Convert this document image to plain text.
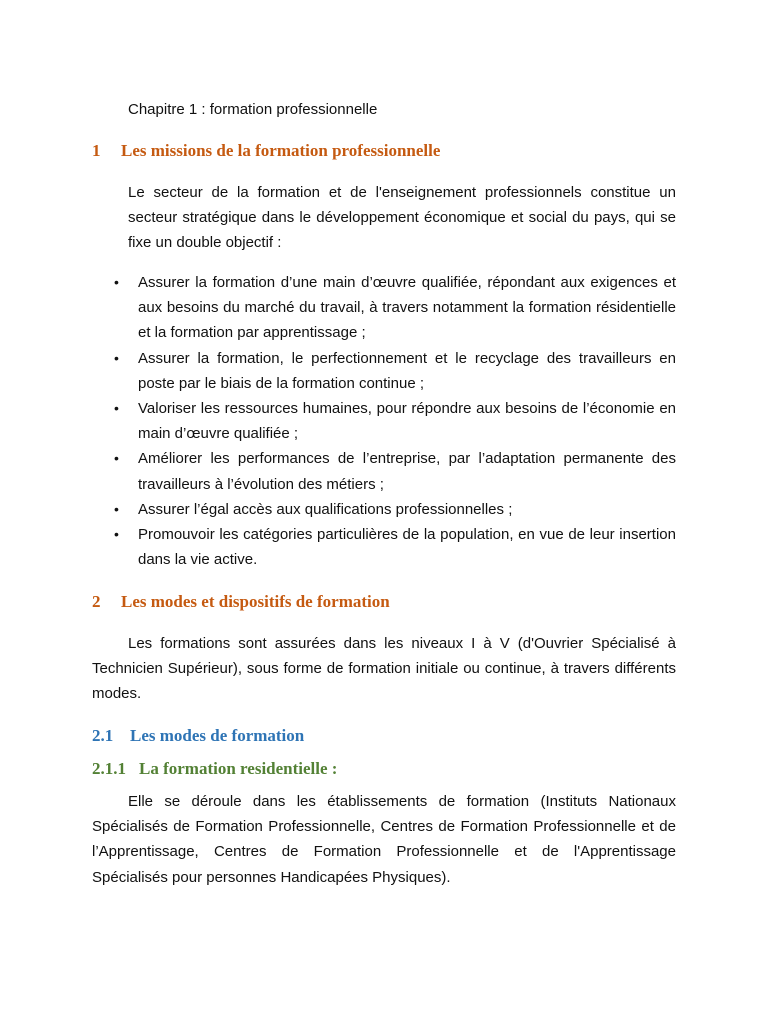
Chapitre 1 : formation professionnelle
1 Les missions de la formation professionnelle

Le secteur de la formation et de l'enseignement professionnels constitue un secteur stratégique dans le développement économique et social du pays, qui se fixe un double objectif :

• Assurer la formation d’une main d’œuvre qualifiée, répondant aux exigences et aux besoins du marché du travail, à travers notamment la formation résidentielle et la formation par apprentissage ;
• Assurer la formation, le perfectionnement et le recyclage des travailleurs en poste par le biais de la formation continue ;
• Valoriser les ressources humaines, pour répondre aux besoins de l’économie en main d’œuvre qualifiée ;
• Améliorer les performances de l’entreprise, par l’adaptation permanente des travailleurs à l’évolution des métiers ;
• Assurer l’égal accès aux qualifications professionnelles ;
• Promouvoir les catégories particulières de la population, en vue de leur insertion dans la vie active.
2 Les modes et dispositifs de formation

Les formations sont assurées dans les niveaux I à V (d'Ouvrier Spécialisé à Technicien Supérieur), sous forme de formation initiale ou continue, à travers différents modes.

2.1 Les modes de formation
2.1.1 La formation residentielle :

Elle se déroule dans les établissements de formation (Instituts Nationaux Spécialisés de Formation Professionnelle, Centres de Formation Professionnelle et de l’Apprentissage, Centres de Formation Professionnelle et de l'Apprentissage Spécialisés pour personnes Handicapées Physiques).
